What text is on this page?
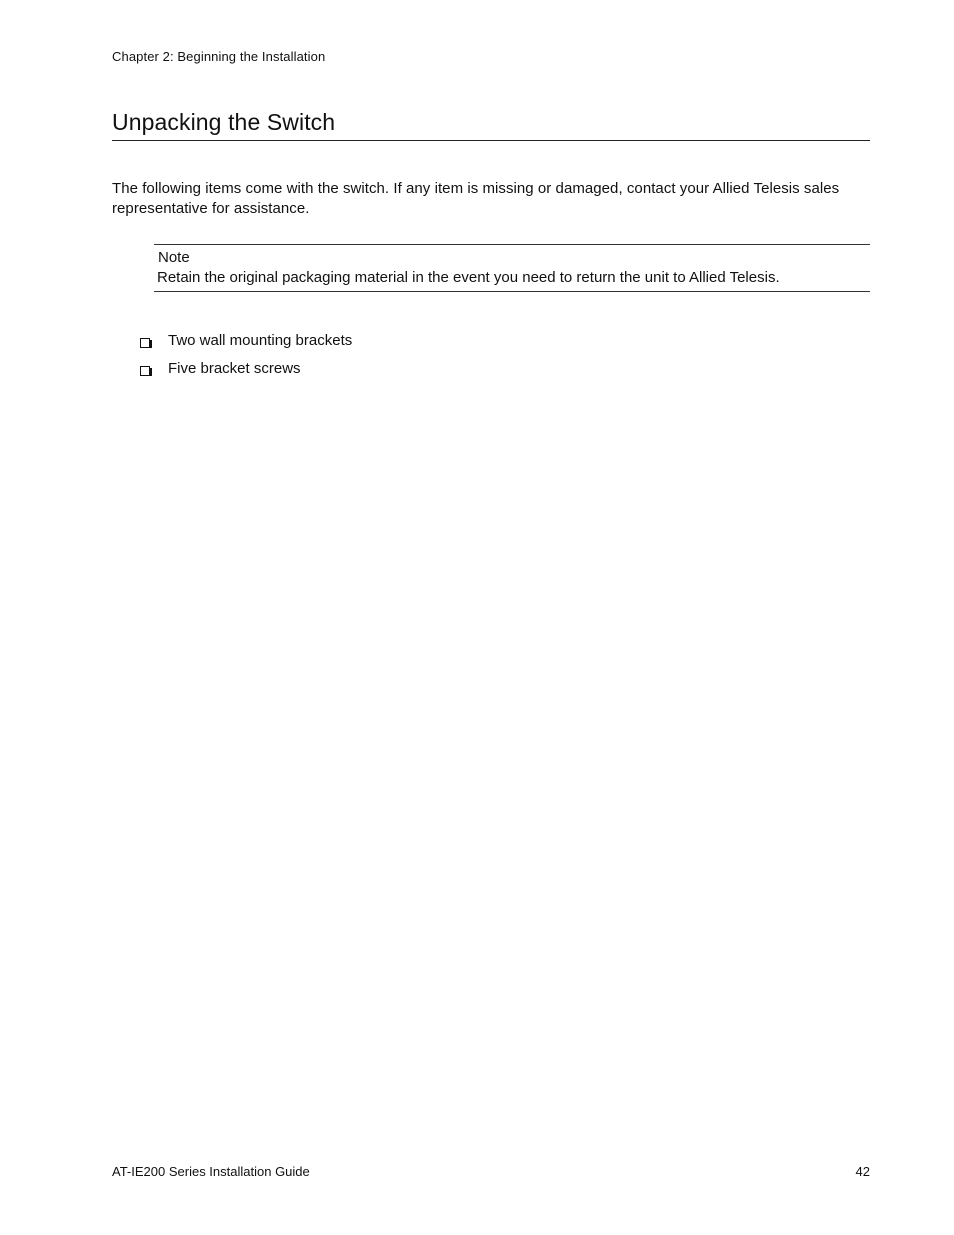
Chapter 2: Beginning the Installation
Unpacking the Switch

The following items come with the switch. If any item is missing or damaged, contact your Allied Telesis sales representative for assistance.

Note
Retain the original packaging material in the event you need to return the unit to Allied Telesis.
Two wall mounting brackets
Five bracket screws
AT-IE200 Series Installation Guide	42
